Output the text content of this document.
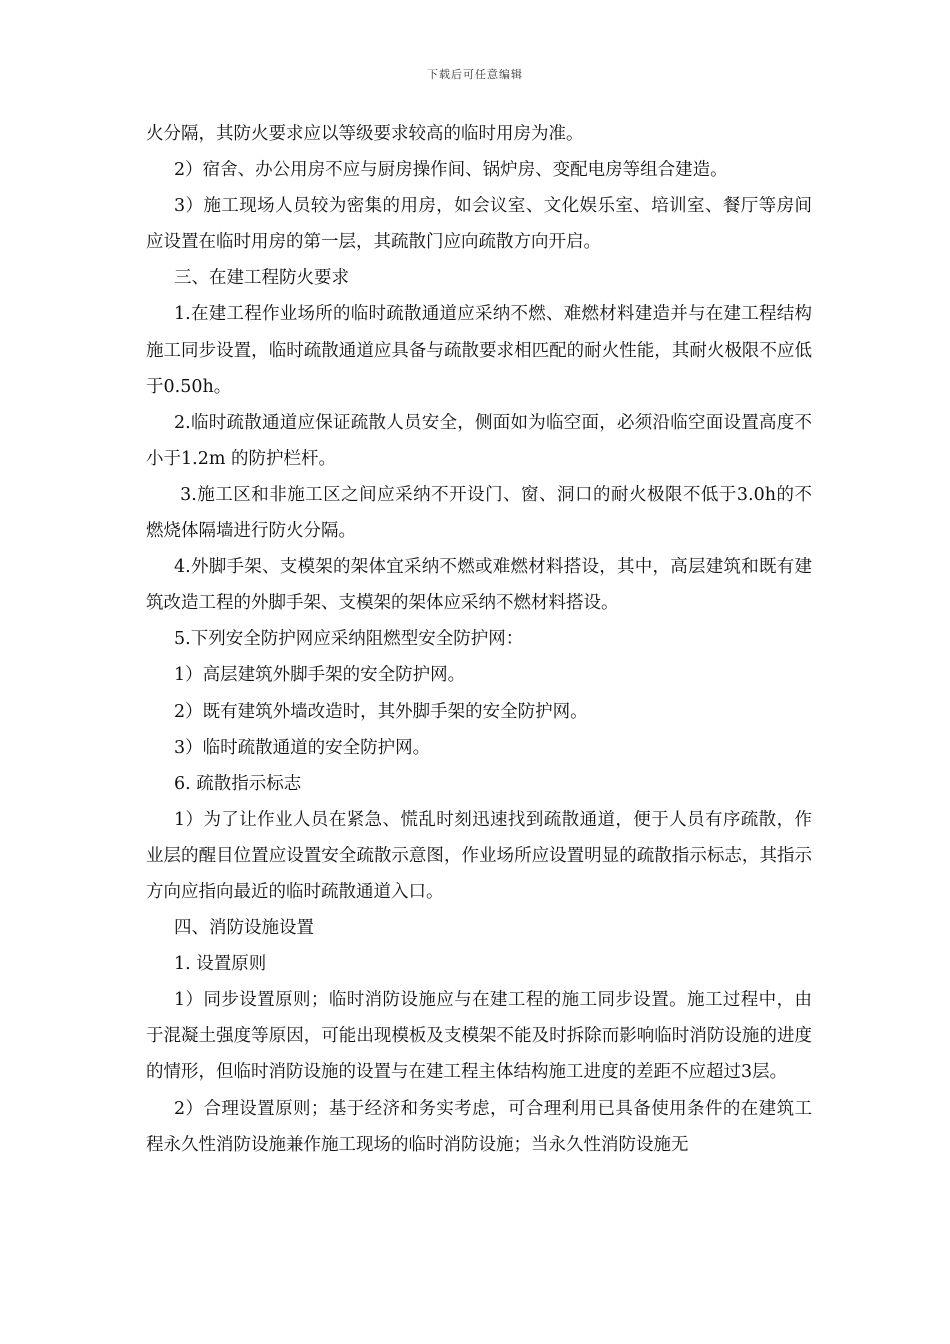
下载后可任意编辑

火分隔，其防火要求应以等级要求较高的临时用房为准。

2）宿舍、办公用房不应与厨房操作间、锅炉房、变配电房等组合建造。

3）施工现场人员较为密集的用房，如会议室、文化娱乐室、培训室、餐厅等房间应设置在临时用房的第一层，其疏散门应向疏散方向开启。

三、在建工程防火要求

1.在建工程作业场所的临时疏散通道应采纳不燃、难燃材料建造并与在建工程结构施工同步设置，临时疏散通道应具备与疏散要求相匹配的耐火性能，其耐火极限不应低于0.50h。

2.临时疏散通道应保证疏散人员安全，侧面如为临空面，必须沿临空面设置高度不小于1.2m 的防护栏杆。

3.施工区和非施工区之间应采纳不开设门、窗、洞口的耐火极限不低于3.0h的不燃烧体隔墙进行防火分隔。

4.外脚手架、支模架的架体宜采纳不燃或难燃材料搭设，其中，高层建筑和既有建筑改造工程的外脚手架、支模架的架体应采纳不燃材料搭设。

5.下列安全防护网应采纳阻燃型安全防护网：

1）高层建筑外脚手架的安全防护网。

2）既有建筑外墙改造时，其外脚手架的安全防护网。

3）临时疏散通道的安全防护网。

6. 疏散指示标志

1）为了让作业人员在紧急、慌乱时刻迅速找到疏散通道，便于人员有序疏散，作业层的醒目位置应设置安全疏散示意图，作业场所应设置明显的疏散指示标志，其指示方向应指向最近的临时疏散通道入口。

四、消防设施设置

1. 设置原则

1）同步设置原则；临时消防设施应与在建工程的施工同步设置。施工过程中，由于混凝土强度等原因，可能出现模板及支模架不能及时拆除而影响临时消防设施的进度的情形，但临时消防设施的设置与在建工程主体结构施工进度的差距不应超过3层。

2）合理设置原则；基于经济和务实考虑，可合理利用已具备使用条件的在建筑工程永久性消防设施兼作施工现场的临时消防设施；当永久性消防设施无
